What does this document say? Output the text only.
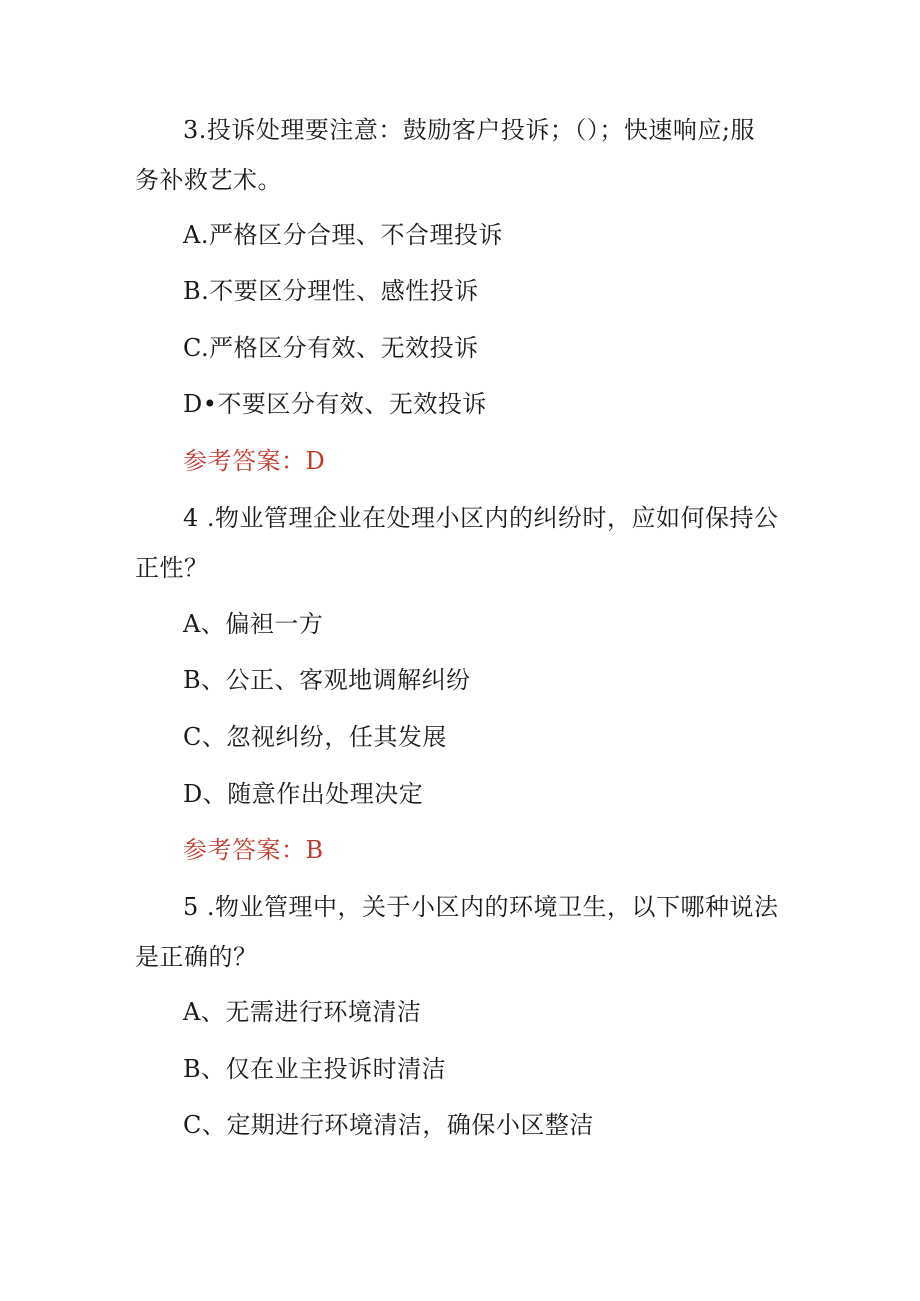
3.投诉处理要注意：鼓励客户投诉；（）；快速响应;服
务补救艺术。
A.严格区分合理、不合理投诉
B.不要区分理性、感性投诉
C.严格区分有效、无效投诉
D•不要区分有效、无效投诉
参考答案：D
4 .物业管理企业在处理小区内的纠纷时，应如何保持公
正性？
A、偏袒一方
B、公正、客观地调解纠纷
C、忽视纠纷，任其发展
D、随意作出处理决定
参考答案：B
5 .物业管理中，关于小区内的环境卫生，以下哪种说法
是正确的？
A、无需进行环境清洁
B、仅在业主投诉时清洁
C、定期进行环境清洁，确保小区整洁
